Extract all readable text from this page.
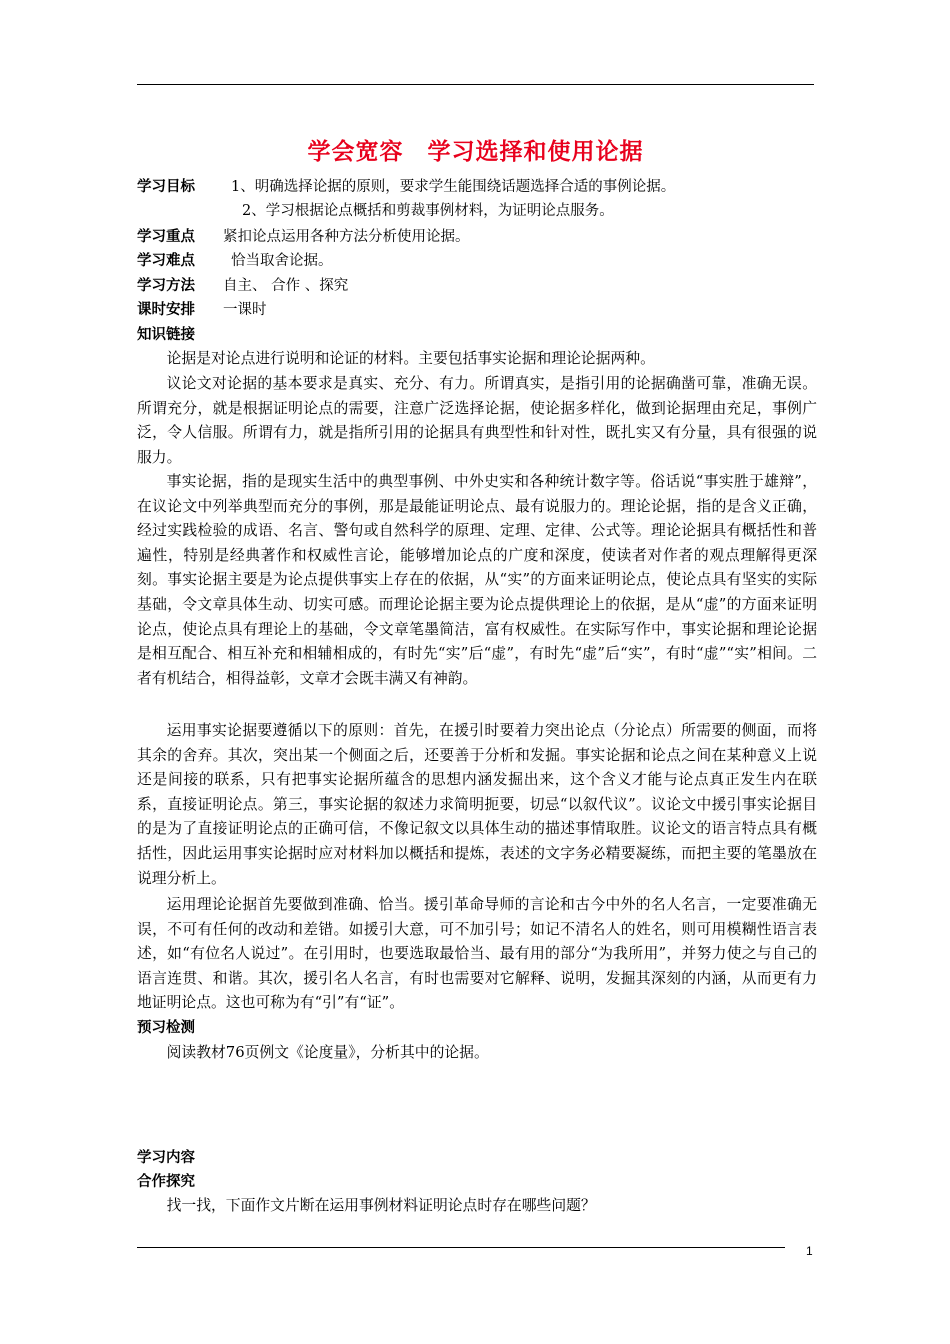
学会宽容　学习选择和使用论据
学习目标 1、明确选择论据的原则，要求学生能围绕话题选择合适的事例论据。
2、学习根据论点概括和剪裁事例材料，为证明论点服务。
学习重点 紧扣论点运用各种方法分析使用论据。
学习难点 恰当取舍论据。
学习方法 自主、 合作 、探究
课时安排 一课时
知识链接

论据是对论点进行说明和论证的材料。主要包括事实论据和理论论据两种。

议论文对论据的基本要求是真实、充分、有力。所谓真实，是指引用的论据确凿可靠，准确无误。所谓充分，就是根据证明论点的需要，注意广泛选择论据，使论据多样化，做到论据理由充足，事例广泛，令人信服。所谓有力，就是指所引用的论据具有典型性和针对性，既扎实又有分量，具有很强的说服力。

事实论据，指的是现实生活中的典型事例、中外史实和各种统计数字等。俗话说“事实胜于雄辩”，在议论文中列举典型而充分的事例，那是最能证明论点、最有说服力的。理论论据，指的是含义正确，经过实践检验的成语、名言、警句或自然科学的原理、定理、定律、公式等。理论论据具有概括性和普遍性，特别是经典著作和权威性言论，能够增加论点的广度和深度，使读者对作者的观点理解得更深刻。事实论据主要是为论点提供事实上存在的依据，从“实”的方面来证明论点，使论点具有坚实的实际基础，令文章具体生动、切实可感。而理论论据主要为论点提供理论上的依据，是从“虚”的方面来证明论点，使论点具有理论上的基础，令文章笔墨简洁，富有权威性。在实际写作中，事实论据和理论论据是相互配合、相互补充和相辅相成的，有时先“实”后“虚”，有时先“虚”后“实”，有时“虚”“实”相间。二者有机结合，相得益彰，文章才会既丰满又有神韵。

运用事实论据要遵循以下的原则：首先，在援引时要着力突出论点（分论点）所需要的侧面，而将其余的舍弃。其次，突出某一个侧面之后，还要善于分析和发掘。事实论据和论点之间在某种意义上说还是间接的联系，只有把事实论据所蕴含的思想内涵发掘出来，这个含义才能与论点真正发生内在联系，直接证明论点。第三，事实论据的叙述力求简明扼要，切忌“以叙代议”。议论文中援引事实论据目的是为了直接证明论点的正确可信，不像记叙文以具体生动的描述事情取胜。议论文的语言特点具有概括性，因此运用事实论据时应对材料加以概括和提炼，表述的文字务必精要凝练，而把主要的笔墨放在说理分析上。

运用理论论据首先要做到准确、恰当。援引革命导师的言论和古今中外的名人名言，一定要准确无误，不可有任何的改动和差错。如援引大意，可不加引号；如记不清名人的姓名，则可用模糊性语言表述，如“有位名人说过”。在引用时，也要选取最恰当、最有用的部分“为我所用”，并努力使之与自己的语言连贯、和谐。其次，援引名人名言，有时也需要对它解释、说明，发掘其深刻的内涵，从而更有力地证明论点。这也可称为有“引”有“证”。

预习检测

阅读教材76页例文《论度量》，分析其中的论据。

学习内容
合作探究

找一找，下面作文片断在运用事例材料证明论点时存在哪些问题？

1
